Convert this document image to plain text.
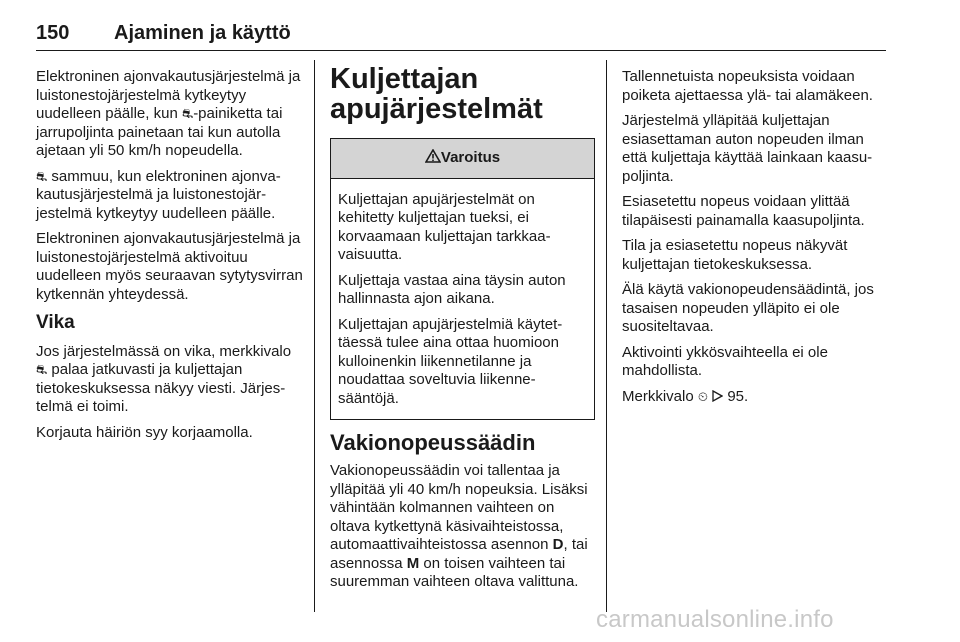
150 Ajaminen ja käyttö

Elektroninen ajonvakautusjärjestelmä ja luistonestojärjestelmä kytkeytyy uudelleen päälle, kun ⛐-painiketta tai jarrupoljinta painetaan tai kun autolla ajetaan yli 50 km/h nopeudella.

⛐ sammuu, kun elektroninen ajonvakautusjärjestelmä ja luistonestojärjestelmä kytkeytyy uudelleen päälle.

Elektroninen ajonvakautusjärjestelmä ja luistonestojärjestelmä aktivoituu uudelleen myös seuraavan sytytysvirran kytkennän yhteydessä.

Vika

Jos järjestelmässä on vika, merkkivalo ⛐ palaa jatkuvasti ja kuljettajan tietokeskuksessa näkyy viesti. Järjestelmä ei toimi.

Korjauta häiriön syy korjaamolla.

Kuljettajan apujärjestelmät
Varoitus

Kuljettajan apujärjestelmät on kehitetty kuljettajan tueksi, ei korvaamaan kuljettajan tarkkaavaisuutta.

Kuljettaja vastaa aina täysin auton hallinnasta ajon aikana.

Kuljettajan apujärjestelmiä käytettäessä tulee aina ottaa huomioon kulloinenkin liikennetilanne ja noudattaa soveltuvia liikennesääntöjä.

Vakionopeussäädin

Vakionopeussäädin voi tallentaa ja ylläpitää yli 40 km/h nopeuksia. Lisäksi vähintään kolmannen vaihteen on oltava kytkettynä käsivaihteistossa, automaattivaihteistossa asennon D, tai asennossa M on toisen vaihteen tai suuremman vaihteen oltava valittuna.

Tallennetuista nopeuksista voidaan poiketa ajettaessa ylä- tai alamäkeen.

Järjestelmä ylläpitää kuljettajan esiasettaman auton nopeuden ilman että kuljettaja käyttää lainkaan kaasupoljinta.

Esiasetettu nopeus voidaan ylittää tilapäisesti painamalla kaasupoljinta.

Tila ja esiasetettu nopeus näkyvät kuljettajan tietokeskuksessa.

Älä käytä vakionopeudensäädintä, jos tasaisen nopeuden ylläpito ei ole suositeltavaa.

Aktivointi ykkösvaihteella ei ole mahdollista.

Merkkivalo ⏲  95.

carmanualsonline.info
